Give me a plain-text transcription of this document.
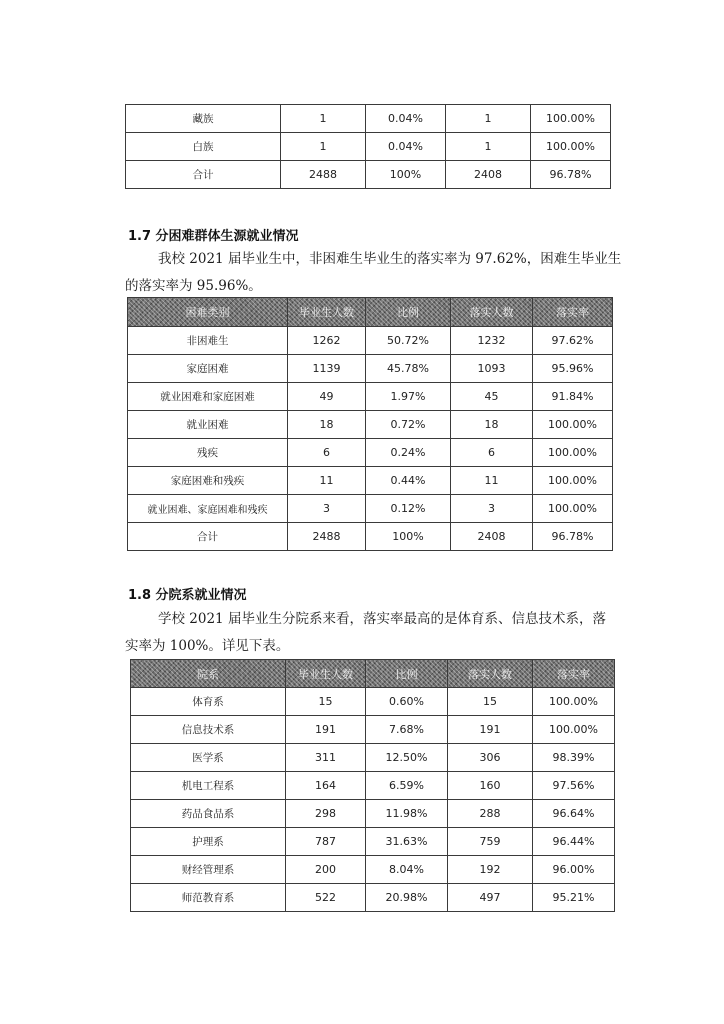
藏族	1	0.04%	1	100.00%
白族	1	0.04%	1	100.00%
合计	2488	100%	2408	96.78%
1.7 分困难群体生源就业情况
我校 2021 届毕业生中，非困难生毕业生的落实率为 97.62%，困难生毕业生
的落实率为 95.96%。
困难类别	毕业生人数	比例	落实人数	落实率
非困难生	1262	50.72%	1232	97.62%
家庭困难	1139	45.78%	1093	95.96%
就业困难和家庭困难	49	1.97%	45	91.84%
就业困难	18	0.72%	18	100.00%
残疾	6	0.24%	6	100.00%
家庭困难和残疾	11	0.44%	11	100.00%
就业困难、家庭困难和残疾	3	0.12%	3	100.00%
合计	2488	100%	2408	96.78%
1.8 分院系就业情况
学校 2021 届毕业生分院系来看，落实率最高的是体育系、信息技术系，落
实率为 100%。详见下表。
院系	毕业生人数	比例	落实人数	落实率
体育系	15	0.60%	15	100.00%
信息技术系	191	7.68%	191	100.00%
医学系	311	12.50%	306	98.39%
机电工程系	164	6.59%	160	97.56%
药品食品系	298	11.98%	288	96.64%
护理系	787	31.63%	759	96.44%
财经管理系	200	8.04%	192	96.00%
师范教育系	522	20.98%	497	95.21%
